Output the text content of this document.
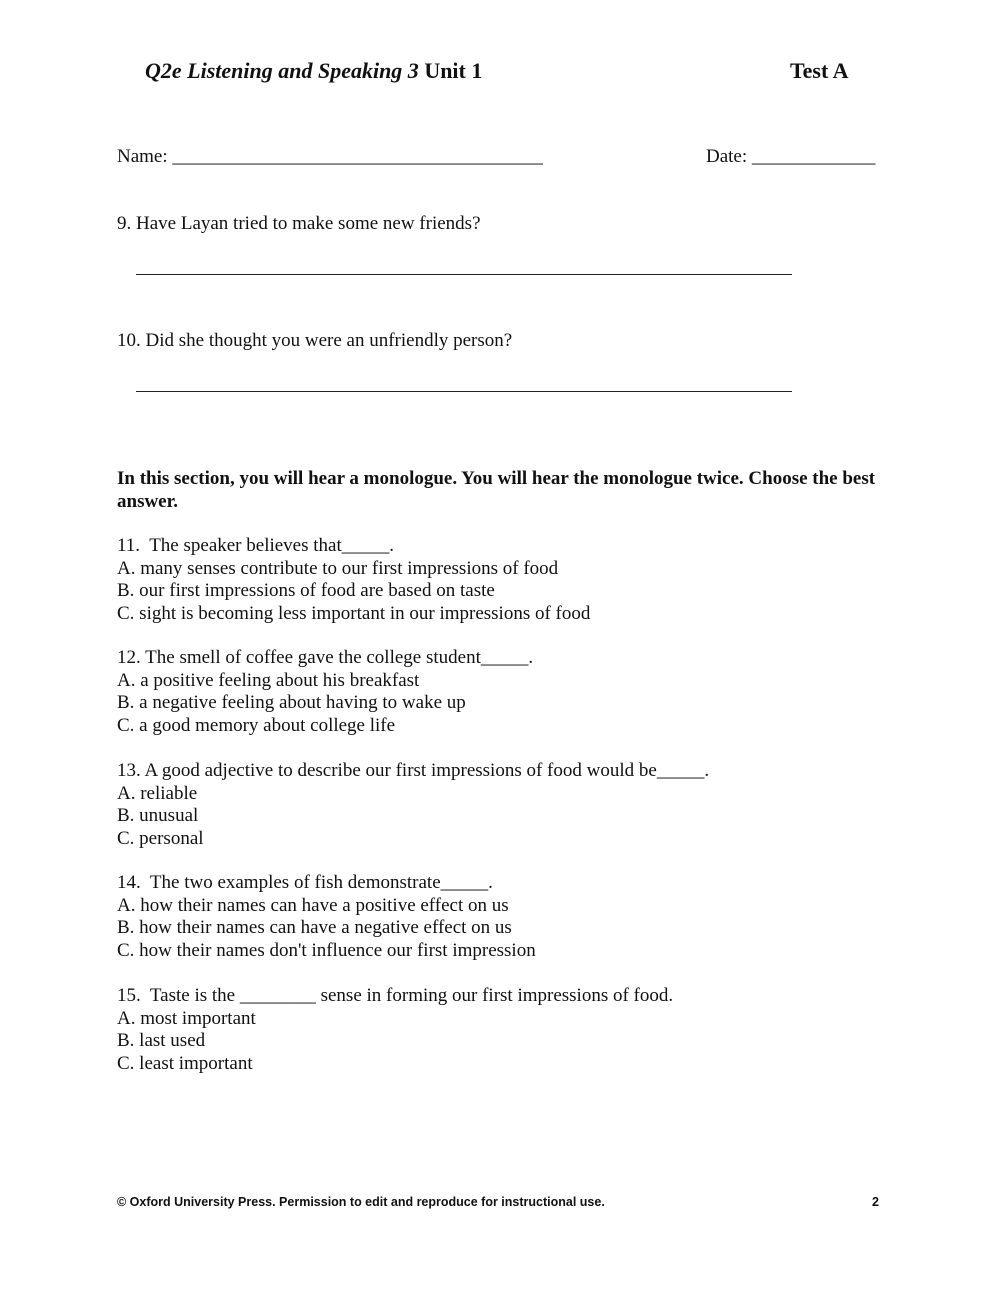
Q2e Listening and Speaking 3 Unit 1	Test A
Name: _______________________________________	Date: _____________
9. Have Layan tried to make some new friends?
10. Did she thought you were an unfriendly person?
In this section, you will hear a monologue. You will hear the monologue twice. Choose the best answer.
11.  The speaker believes that_____.
A. many senses contribute to our first impressions of food
B. our first impressions of food are based on taste
C. sight is becoming less important in our impressions of food
12. The smell of coffee gave the college student_____.
A. a positive feeling about his breakfast
B. a negative feeling about having to wake up
C. a good memory about college life
13. A good adjective to describe our first impressions of food would be_____.
A. reliable
B. unusual
C. personal
14.  The two examples of fish demonstrate_____.
A. how their names can have a positive effect on us
B. how their names can have a negative effect on us
C. how their names don't influence our first impression
15.  Taste is the ________ sense in forming our first impressions of food.
A. most important
B. last used
C. least important
© Oxford University Press. Permission to edit and reproduce for instructional use.	2
